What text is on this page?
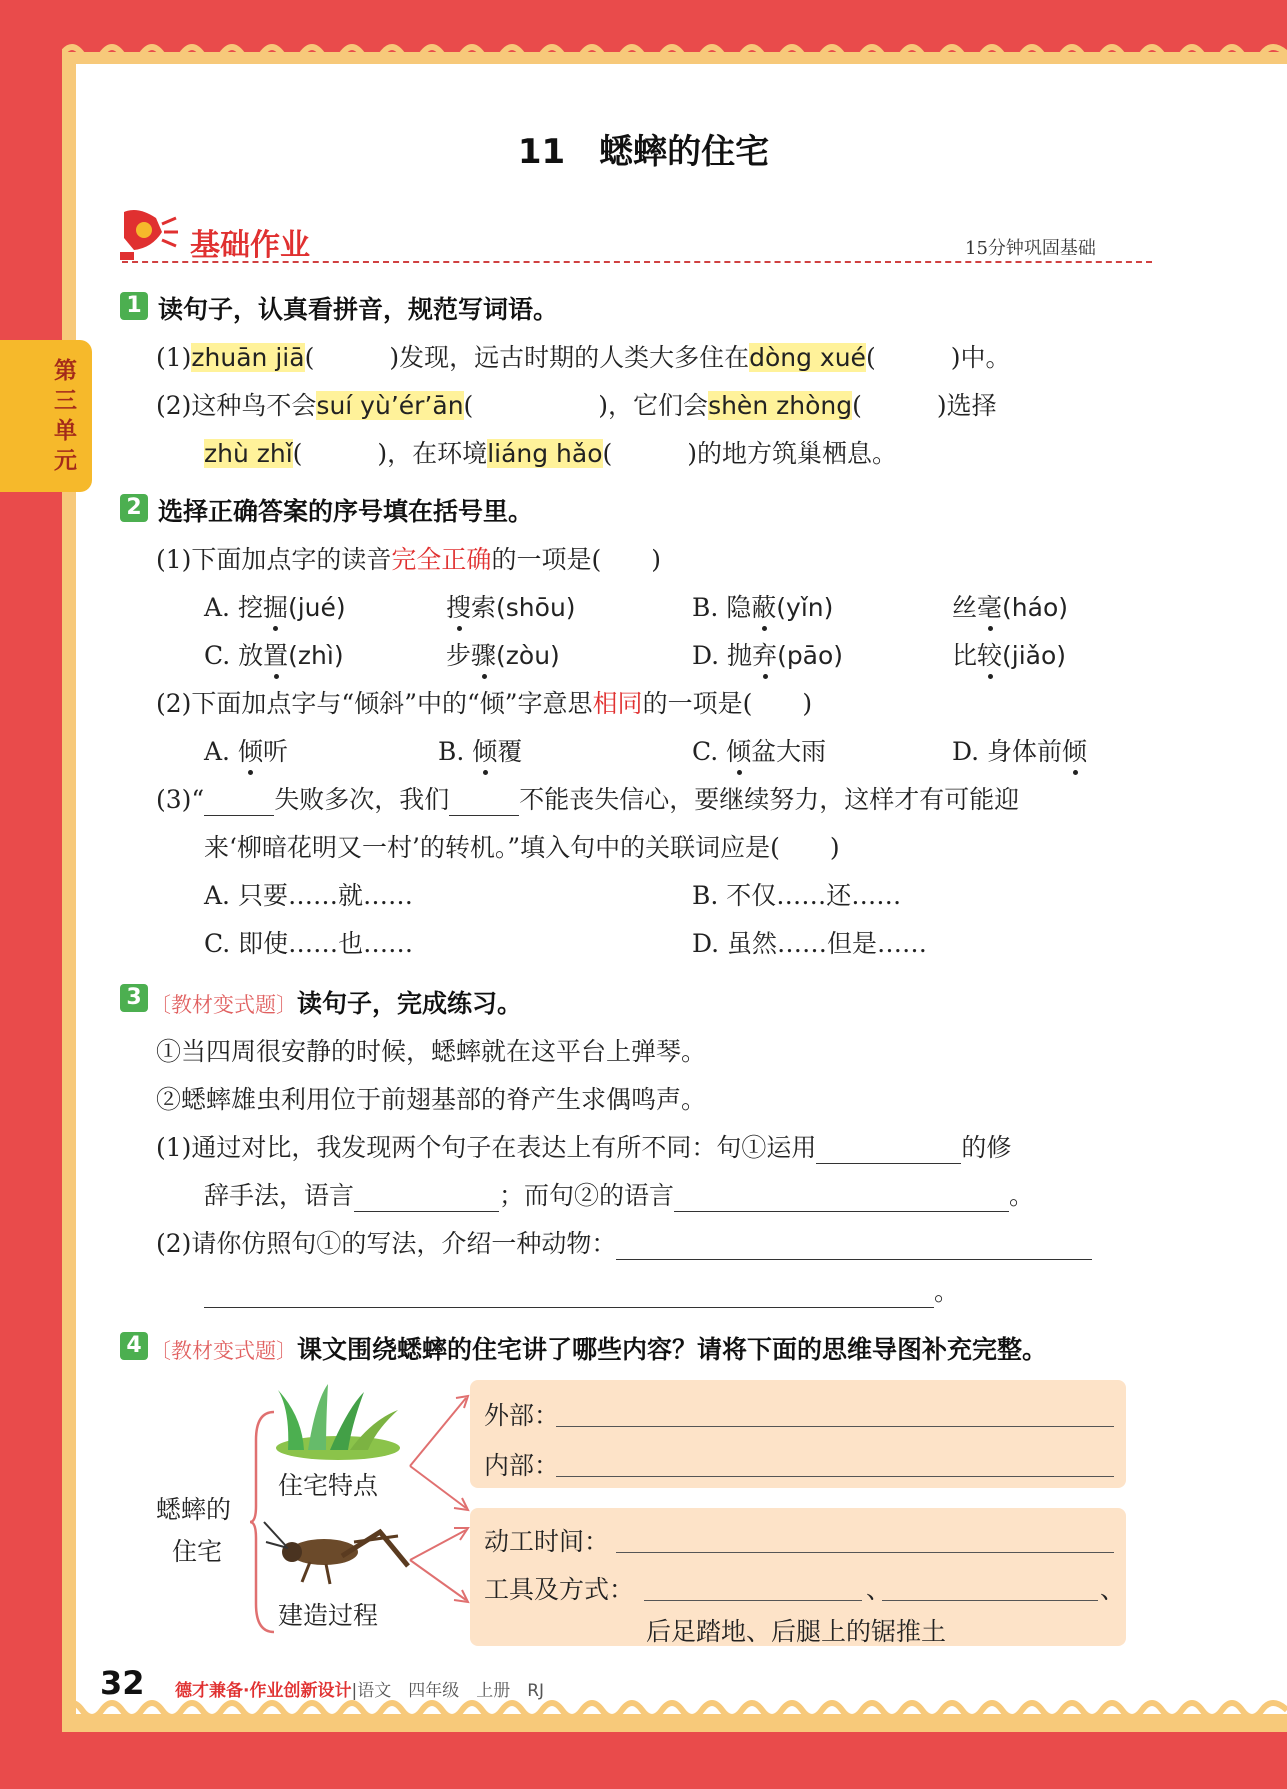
第三单元
11　蟋蟀的住宅
基础作业	15分钟巩固基础
1 读句子，认真看拼音，规范写词语。
(1)zhuān jiā(　　　)发现，远古时期的人类大多住在dòng xué(　　　)中。
(2)这种鸟不会suí yù’ér’ān(　　　　　)，它们会shèn zhòng(　　　)选择
zhù zhǐ(　　　)，在环境liáng hǎo(　　　)的地方筑巢栖息。
2 选择正确答案的序号填在括号里。
(1)下面加点字的读音完全正确的一项是(　　)
A. 挖掘(jué)	搜索(shōu)	B. 隐蔽(yǐn)	丝毫(háo)
C. 放置(zhì)	步骤(zòu)	D. 抛弃(pāo)	比较(jiǎo)
(2)下面加点字与“倾斜”中的“倾”字意思相同的一项是(　　)
A. 倾听	B. 倾覆	C. 倾盆大雨	D. 身体前倾
(3)“	失败多次，我们	不能丧失信心，要继续努力，这样才有可能迎
来‘柳暗花明又一村’的转机。”填入句中的关联词应是(　　)
A. 只要……就……	B. 不仅……还……
C. 即使……也……	D. 虽然……但是……
3 〔教材变式题〕读句子，完成练习。
①当四周很安静的时候，蟋蟀就在这平台上弹琴。
②蟋蟀雄虫利用位于前翅基部的脊产生求偶鸣声。
(1)通过对比，我发现两个句子在表达上有所不同：句①运用	的修
辞手法，语言	；而句②的语言	。
(2)请你仿照句①的写法，介绍一种动物：
。
4 〔教材变式题〕课文围绕蟋蟀的住宅讲了哪些内容？请将下面的思维导图补充完整。
蟋蟀的
住宅
住宅特点
建造过程
外部：
内部：
动工时间：
工具及方式：	、	、
后足踏地、后腿上的锯推土
32 德才兼备·作业创新设计|语文　四年级　上册　RJ
